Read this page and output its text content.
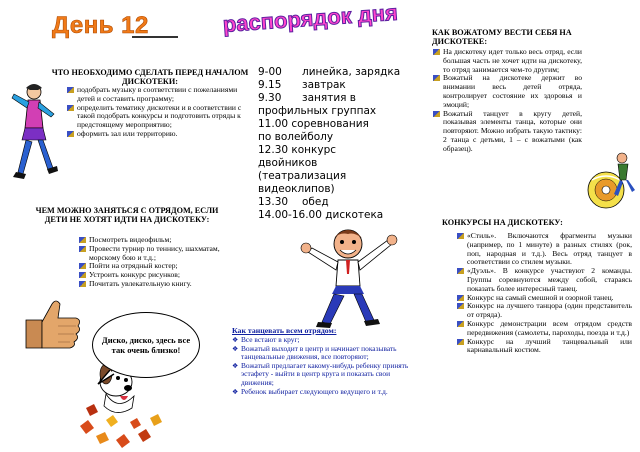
День 12	распорядок дня
ЧТО НЕОБХОДИМО СДЕЛАТЬ ПЕРЕД НАЧАЛОМ ДИСКОТЕКИ:
подобрать музыку в соответствии с пожеланиями детей и составить программу;
определить тематику дискотеки и в соответствии с такой подобрать конкурсы и подготовить отряды к предстоящему мероприятию;
оформить зал или территорию.
ЧЕМ МОЖНО ЗАНЯТЬСЯ С ОТРЯДОМ, ЕСЛИ ДЕТИ НЕ ХОТЯТ ИДТИ НА ДИСКОТЕКУ:
Посмотреть видеофильм;
Провести турнир по теннису, шахматам, морскому бою и т.д.;
Пойти на отрядный костер;
Устроить конкурс рисунков;
Почитать увлекательную книгу.
Диско, диско, здесь все так очень близко!
9-00 линейка, зарядка
9.15 завтрак
9.30 занятия в профильных группах
11.00 соревнования по волейболу
12.30 конкурс двойников (театрализация видеоклипов)
13.30 обед
14.00-16.00 дискотека
Как танцевать всем отрядом:
❖ Все встают в круг;
❖ Вожатый выходит в центр и начинает показывать танцевальные движения, все повторяют;
❖ Вожатый предлагает какому-нибудь ребенку принять эстафету - выйти в центр круга и показать свои движения;
❖ Ребенок выбирает следующего ведущего и т.д.
КАК ВОЖАТОМУ ВЕСТИ СЕБЯ НА ДИСКОТЕКЕ:
На дискотеку идет только весь отряд, если большая часть не хочет идти на дискотеку, то отряд занимается чем-то другим;
Вожатый на дискотеке держит во внимании весь детей отряда, контролирует состояние их здоровья и эмоций;
Вожатый танцует в кругу детей, показывая элементы танца, которые они повторяют. Можно избрать такую тактику: 2 танца с детьми, 1 – с вожатыми (как образец).
КОНКУРСЫ НА ДИСКОТЕКУ:
«Стиль». Включаются фрагменты музыки (например, по 1 минуте) в разных стилях (рок, поп, народная и т.д.). Весь отряд танцует в соответствии со стилем музыки.
«Дуэль». В конкурсе участвуют 2 команды. Группы соревнуются между собой, стараясь показать более интересный танец.
Конкурс на самый смешной и озорной танец.
Конкурс на лучшего танцора (один представитель от отряда).
Конкурс демонстрации всем отрядом средств передвижения (самолеты, пароходы, поезда и т.д.)
Конкурс на лучший танцевальный или карнавальный костюм.
